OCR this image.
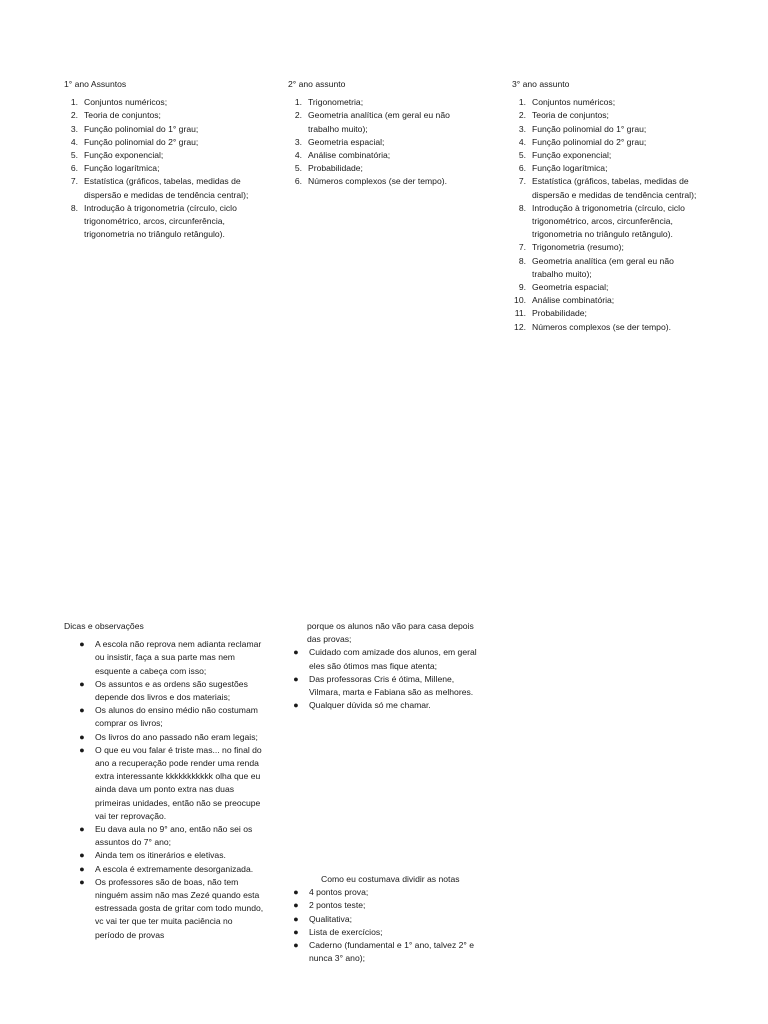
1° ano Assuntos
1. Conjuntos numéricos;
2. Teoria de conjuntos;
3. Função polinomial do 1° grau;
4. Função polinomial do 2° grau;
5. Função exponencial;
6. Função logarítmica;
7. Estatística (gráficos, tabelas, medidas de dispersão e medidas de tendência central);
8. Introdução à trigonometria (círculo, ciclo trigonométrico, arcos, circunferência, trigonometria no triângulo retângulo).
2° ano assunto
1. Trigonometria;
2. Geometria analítica (em geral eu não trabalho muito);
3. Geometria espacial;
4. Análise combinatória;
5. Probabilidade;
6. Números complexos (se der tempo).
3° ano assunto
1. Conjuntos numéricos;
2. Teoria de conjuntos;
3. Função polinomial do 1° grau;
4. Função polinomial do 2° grau;
5. Função exponencial;
6. Função logarítmica;
7. Estatística (gráficos, tabelas, medidas de dispersão e medidas de tendência central);
8. Introdução à trigonometria (círculo, ciclo trigonométrico, arcos, circunferência, trigonometria no triângulo retângulo).
7. Trigonometria (resumo);
8. Geometria analítica (em geral eu não trabalho muito);
9. Geometria espacial;
10. Análise combinatória;
11. Probabilidade;
12. Números complexos (se der tempo).
Dicas e observações
● A escola não reprova nem adianta reclamar ou insistir, faça a sua parte mas nem esquente a cabeça com isso;
● Os assuntos e as ordens são sugestões depende dos livros e dos materiais;
● Os alunos do ensino médio não costumam comprar os livros;
● Os livros do ano passado não eram legais;
● O que eu vou falar é triste mas... no final do ano a recuperação pode render uma renda extra interessante kkkkkkkkkkk olha que eu ainda dava um ponto extra nas duas primeiras unidades, então não se preocupe vai ter reprovação.
● Eu dava aula no 9° ano, então não sei os assuntos do 7° ano;
● Ainda tem os itinerários e eletivas.
● A escola é extremamente desorganizada.
● Os professores são de boas, não tem ninguém assim não mas Zezé quando esta estressada gosta de gritar com todo mundo, vc vai ter que ter muita paciência no período de provas
porque os alunos não vão para casa depois das provas;
● Cuidado com amizade dos alunos, em geral eles são ótimos mas fique atenta;
● Das professoras Cris é ótima, Millene, Vilmara, marta e Fabiana são as melhores.
● Qualquer dúvida só me chamar.
Como eu costumava dividir as notas
● 4 pontos prova;
● 2 pontos teste;
● Qualitativa;
● Lista de exercícios;
● Caderno (fundamental e 1° ano, talvez 2° e nunca 3° ano);
